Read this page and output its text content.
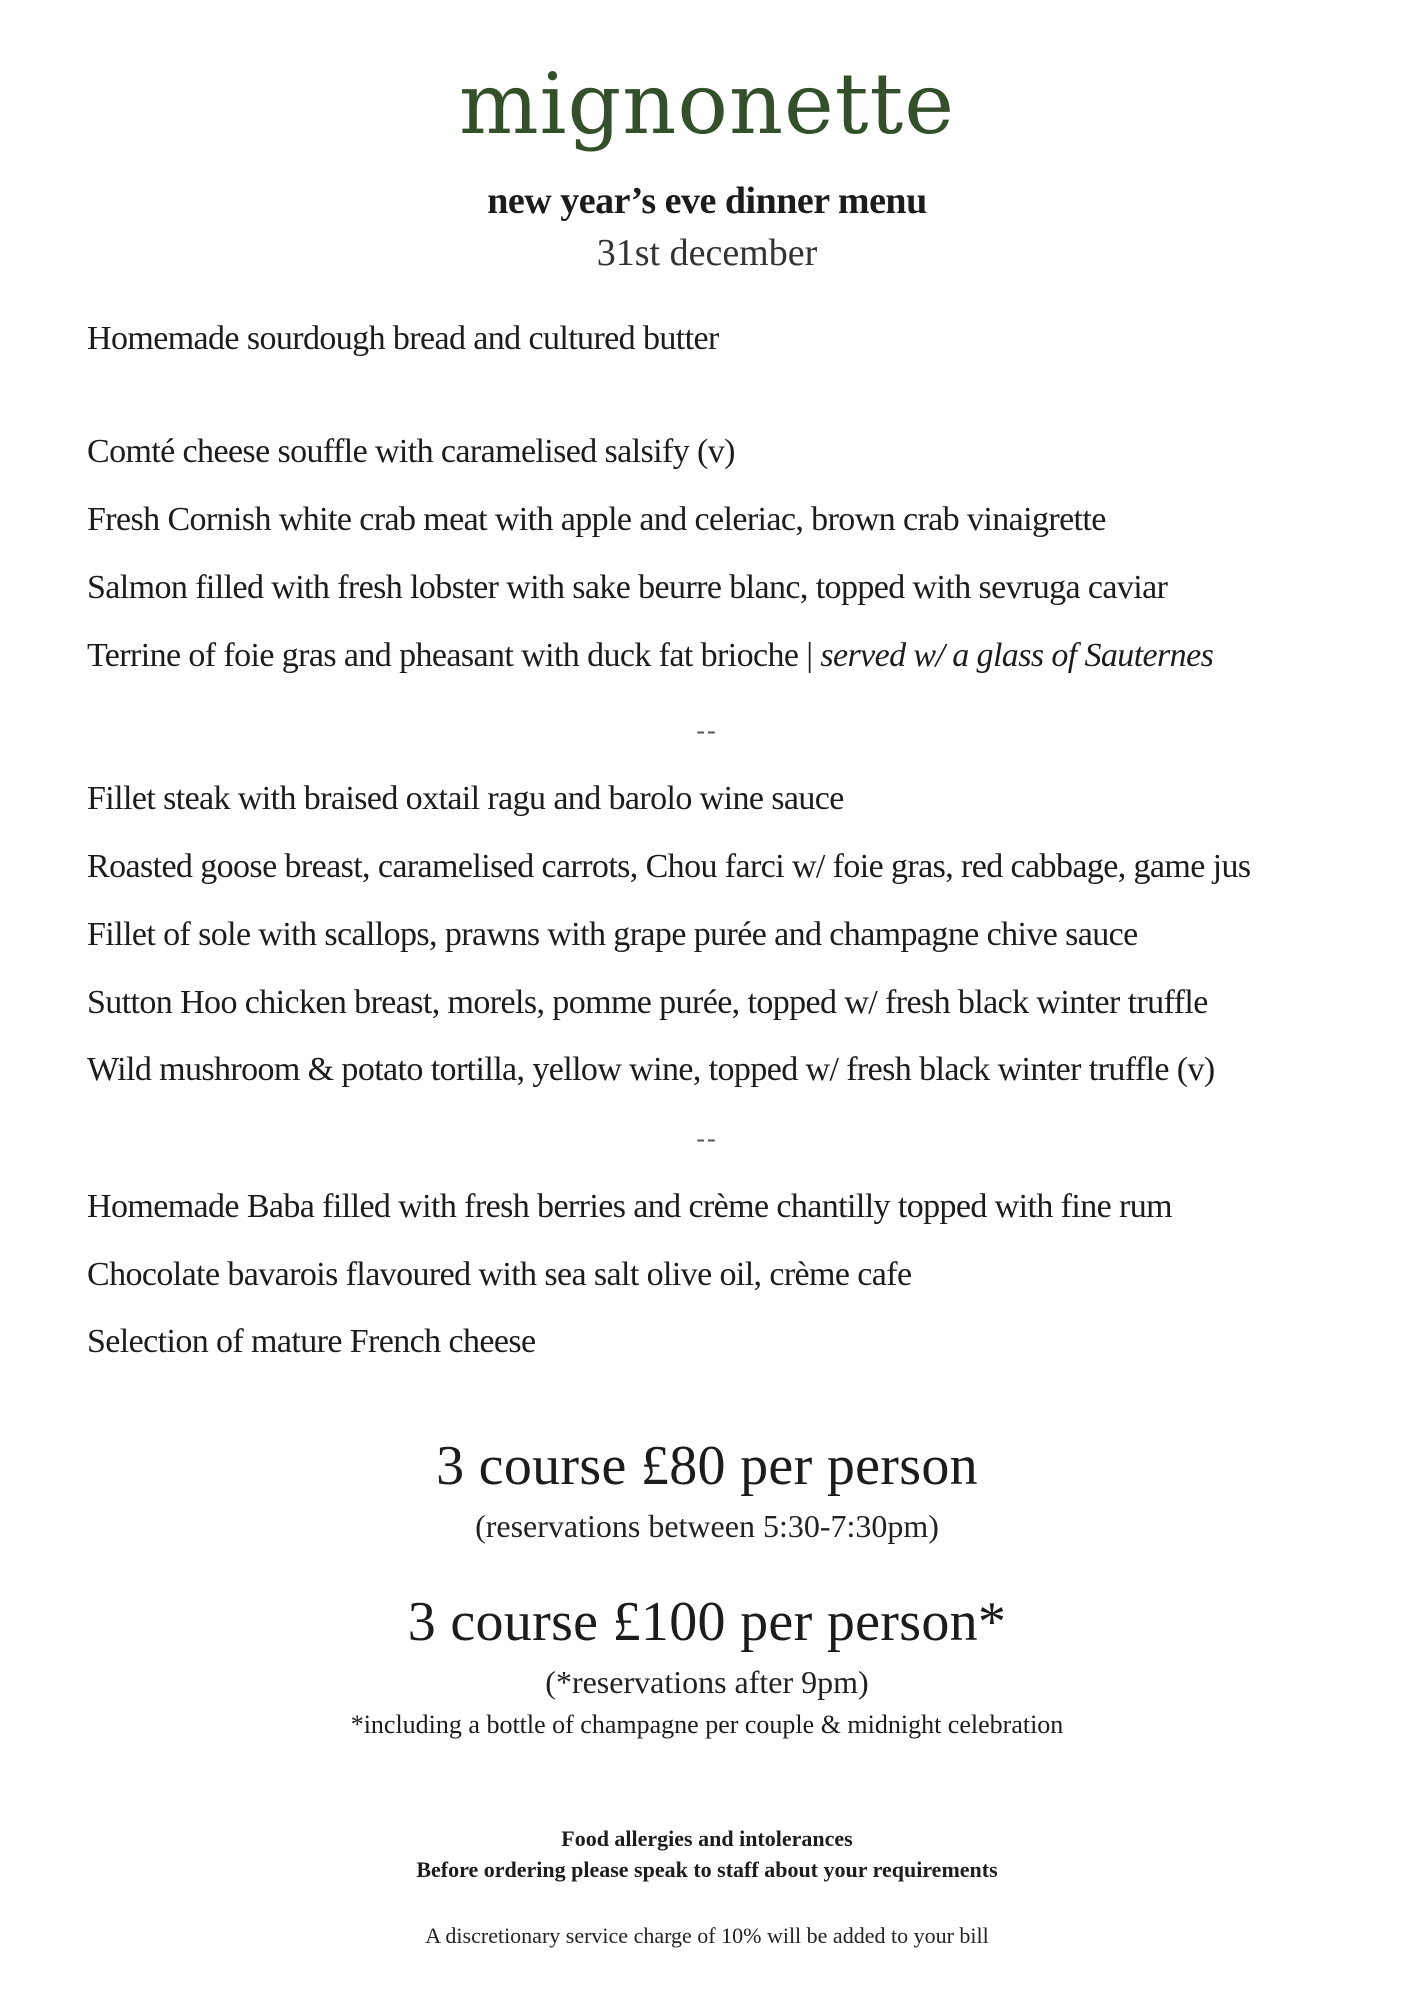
mignonette
new year’s eve dinner menu
31st december
Homemade sourdough bread and cultured butter
Comté cheese souffle with caramelised salsify (v)
Fresh Cornish white crab meat with apple and celeriac, brown crab vinaigrette
Salmon filled with fresh lobster with sake beurre blanc, topped with sevruga caviar
Terrine of foie gras and pheasant with duck fat brioche | served w/ a glass of Sauternes
--
Fillet steak with braised oxtail ragu and barolo wine sauce
Roasted goose breast, caramelised carrots, Chou farci w/ foie gras, red cabbage, game jus
Fillet of sole with scallops, prawns with grape purée and champagne chive sauce
Sutton Hoo chicken breast, morels, pomme purée, topped w/ fresh black winter truffle
Wild mushroom & potato tortilla, yellow wine, topped w/ fresh black winter truffle (v)
--
Homemade Baba filled with fresh berries and crème chantilly topped with fine rum
Chocolate bavarois flavoured with sea salt olive oil, crème cafe
Selection of mature French cheese
3 course £80 per person
(reservations between 5:30-7:30pm)
3 course £100 per person*
(*reservations after 9pm)
*including a bottle of champagne per couple & midnight celebration
Food allergies and intolerances
Before ordering please speak to staff about your requirements
A discretionary service charge of 10% will be added to your bill
